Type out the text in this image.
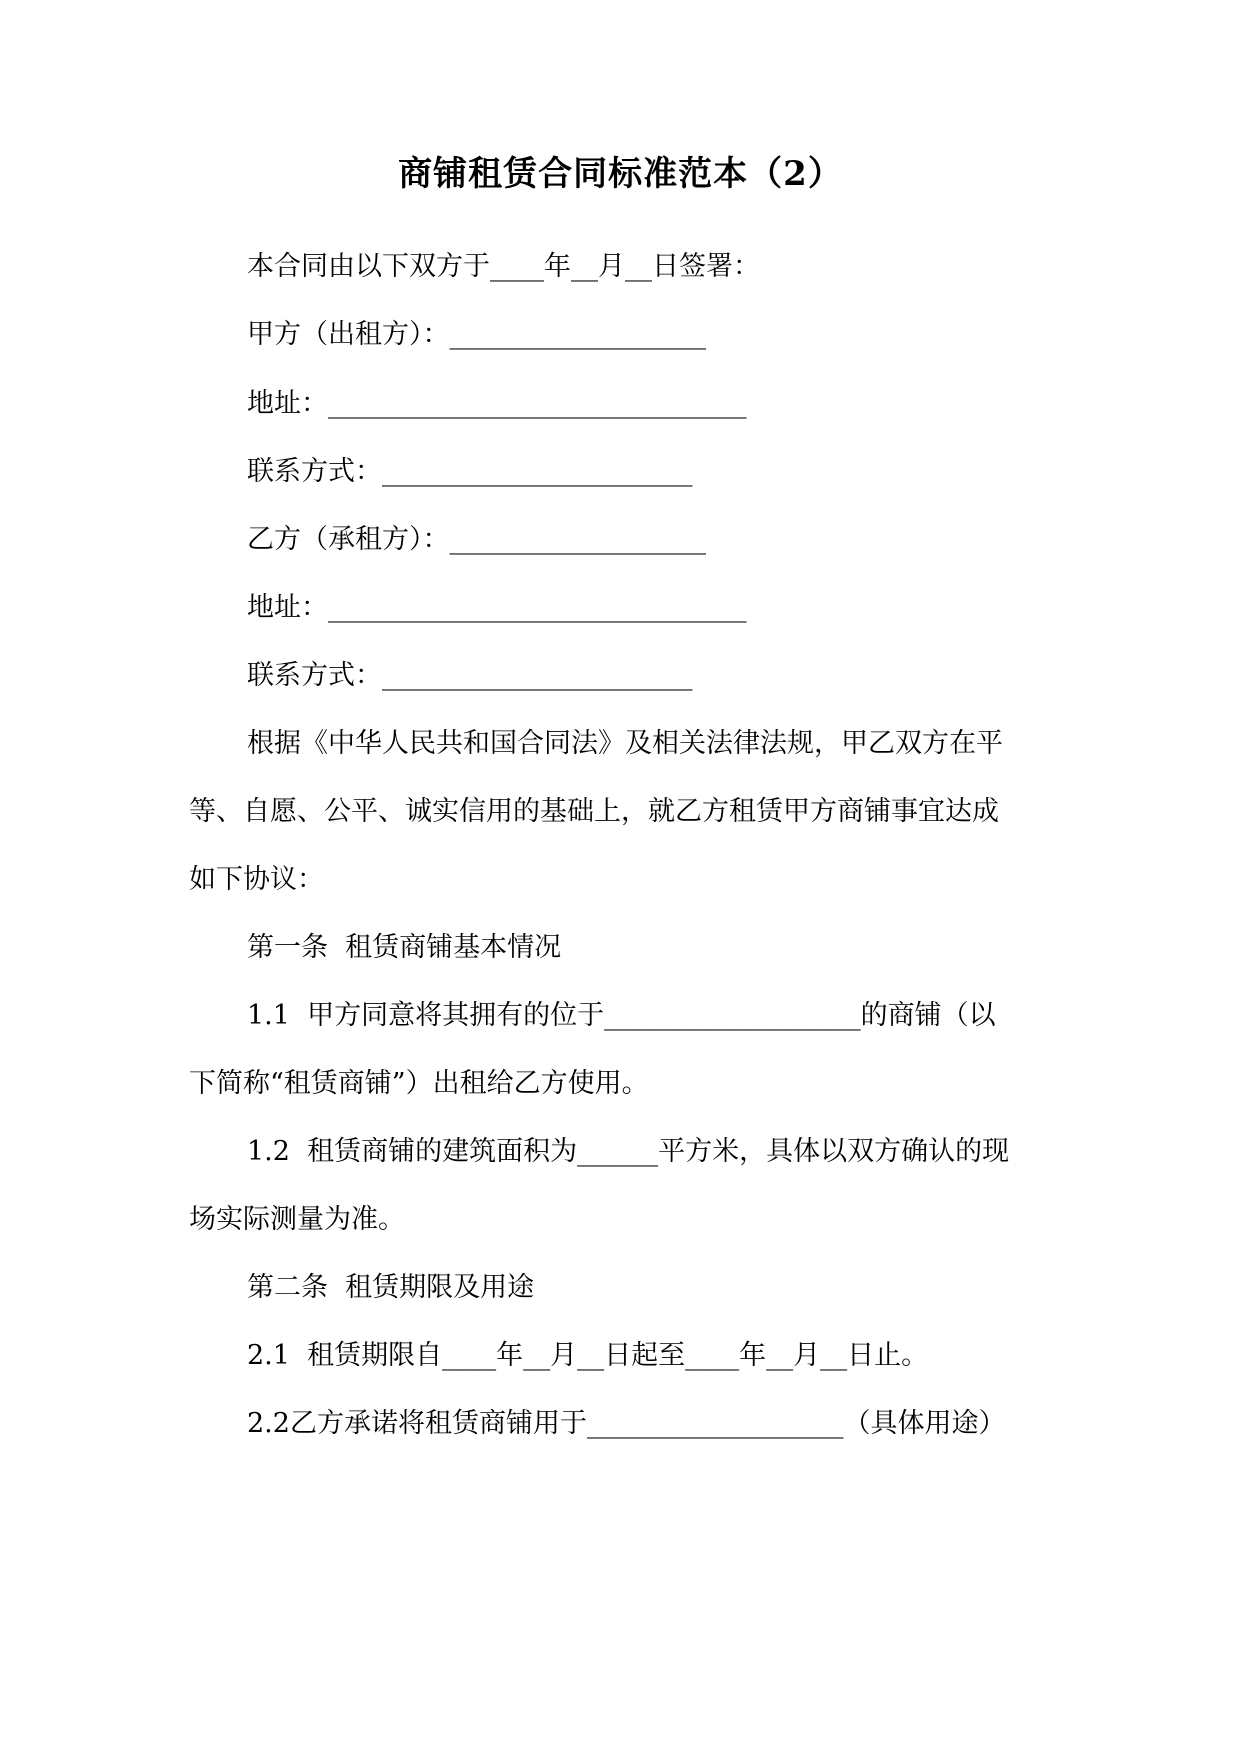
商铺租赁合同标准范本（2）
本合同由以下双方于____年__月__日签署：
甲方（出租方）：___________________
地址：_______________________________
联系方式：_______________________
乙方（承租方）：___________________
地址：_______________________________
联系方式：_______________________
根据《中华人民共和国合同法》及相关法律法规，甲乙双方在平
等、自愿、公平、诚实信用的基础上，就乙方租赁甲方商铺事宜达成
如下协议：
第一条  租赁商铺基本情况
1.1  甲方同意将其拥有的位于___________________的商铺（以
下简称“租赁商铺”）出租给乙方使用。
1.2  租赁商铺的建筑面积为______平方米，具体以双方确认的现
场实际测量为准。
第二条  租赁期限及用途
2.1  租赁期限自____年__月__日起至____年__月__日止。
2.2乙方承诺将租赁商铺用于___________________（具体用途）
